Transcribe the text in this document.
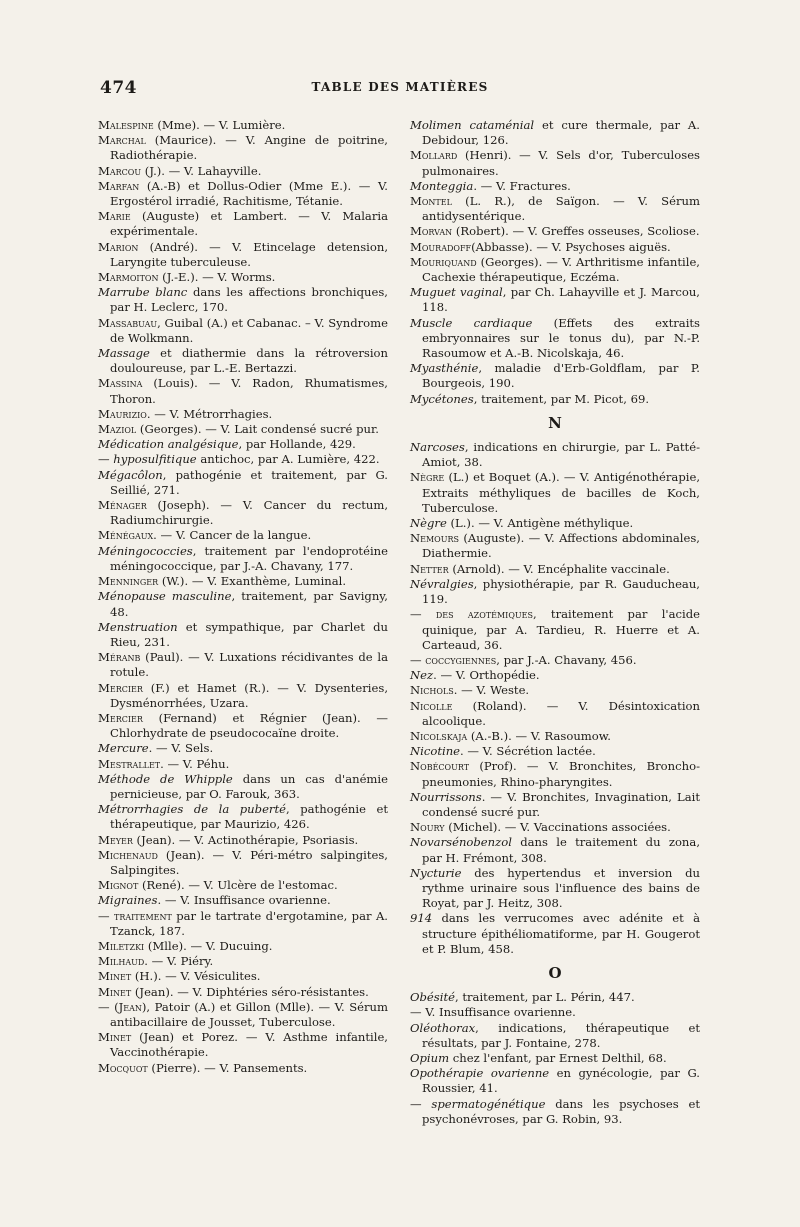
474	TABLE DES MATIÈRES

Malespine (Mme). — V. Lumière.

Marchal (Maurice). — V. Angine de poitrine, Radiothérapie.

Marcou (J.). — V. Lahayville.

Marfan (A.-B) et Dollus-Odier (Mme E.). — V. Ergostérol irradié, Rachitisme, Tétanie.

Marie (Auguste) et Lambert. — V. Malaria expérimentale.

Marion (André). — V. Etincelage detension, Laryngite tuberculeuse.

Marmoiton (J.-E.). — V. Worms.

Marrube blanc dans les affections bronchiques, par H. Leclerc, 170.

Massabuau, Guibal (A.) et Cabanac. – V. Syndrome de Wolkmann.

Massage et diathermie dans la rétroversion douloureuse, par L.-E. Bertazzi.

Massina (Louis). — V. Radon, Rhumatismes, Thoron.

Maurizio. — V. Métrorrhagies.

Maziol (Georges). — V. Lait condensé sucré pur.

Médication analgésique, par Hollande, 429.

— hyposulfitique antichoc, par A. Lumière, 422.

Mégacôlon, pathogénie et traitement, par G. Seillié, 271.

Ménager (Joseph). — V. Cancer du rectum, Radiumchirurgie.

Ménégaux. — V. Cancer de la langue.

Méningococcies, traitement par l'endoprotéine méningococcique, par J.-A. Chavany, 177.

Menninger (W.). — V. Exanthème, Luminal.

Ménopause masculine, traitement, par Savigny, 48.

Menstruation et sympathique, par Charlet du Rieu, 231.

Méranb (Paul). — V. Luxations récidivantes de la rotule.

Mercier (F.) et Hamet (R.). — V. Dysenteries, Dysménorrhées, Uzara.

Mercier (Fernand) et Régnier (Jean). — Chlorhydrate de pseudococaïne droite.

Mercure. — V. Sels.

Mestrallet. — V. Péhu.

Méthode de Whipple dans un cas d'anémie pernicieuse, par O. Farouk, 363.

Métrorrhagies de la puberté, pathogénie et thérapeutique, par Maurizio, 426.

Meyer (Jean). — V. Actinothérapie, Psoriasis.

Michenaud (Jean). — V. Péri-métro salpingites, Salpingites.

Mignot (René). — V. Ulcère de l'estomac.

Migraines. — V. Insuffisance ovarienne.

— traitement par le tartrate d'ergotamine, par A. Tzanck, 187.

Miletzki (Mlle). — V. Ducuing.

Milhaud. — V. Piéry.

Minet (H.). — V. Vésiculites.

Minet (Jean). — V. Diphtéries séro-résistantes.

— (Jean), Patoir (A.) et Gillon (Mlle). — V. Sérum antibacillaire de Jousset, Tuberculose.

Minet (Jean) et Porez. — V. Asthme infantile, Vaccinothérapie.

Mocquot (Pierre). — V. Pansements.

Molimen cataménial et cure thermale, par A. Debidour, 126.

Mollard (Henri). — V. Sels d'or, Tuberculoses pulmonaires.

Monteggia. — V. Fractures.

Montel (L. R.), de Saïgon. — V. Sérum antidysentérique.

Morvan (Robert). — V. Greffes osseuses, Scoliose.

Mouradoff(Abbasse). — V. Psychoses aiguës.

Mouriquand (Georges). — V. Arthritisme infantile, Cachexie thérapeutique, Eczéma.

Muguet vaginal, par Ch. Lahayville et J. Marcou, 118.

Muscle cardiaque (Effets des extraits embryonnaires sur le tonus du), par N.-P. Rasoumow et A.-B. Nicolskaja, 46.

Myasthénie, maladie d'Erb-Goldflam, par P. Bourgeois, 190.

Mycétones, traitement, par M. Picot, 69.

N

Narcoses, indications en chirurgie, par L. Patté-Amiot, 38.

Nègre (L.) et Boquet (A.). — V. Antigénothérapie, Extraits méthyliques de bacilles de Koch, Tuberculose.

Nègre (L.). — V. Antigène méthylique.

Nemours (Auguste). — V. Affections abdominales, Diathermie.

Netter (Arnold). — V. Encéphalite vaccinale.

Névralgies, physiothérapie, par R. Gauducheau, 119.

— des azotémiques, traitement par l'acide quinique, par A. Tardieu, R. Huerre et A. Carteaud, 36.

— coccygiennes, par J.-A. Chavany, 456.

Nez. — V. Orthopédie.

Nichols. — V. Weste.

Nicolle (Roland). — V. Désintoxication alcoolique.

Nicolskaja (A.-B.). — V. Rasoumow.

Nicotine. — V. Sécrétion lactée.

Nobécourt (Prof). — V. Bronchites, Broncho-pneumonies, Rhino-pharyngites.

Nourrissons. — V. Bronchites, Invagination, Lait condensé sucré pur.

Noury (Michel). — V. Vaccinations associées.

Novarsénobenzol dans le traitement du zona, par H. Frémont, 308.

Nycturie des hypertendus et inversion du rythme urinaire sous l'influence des bains de Royat, par J. Heitz, 308.

914 dans les verrucomes avec adénite et à structure épithéliomatiforme, par H. Gougerot et P. Blum, 458.

O

Obésité, traitement, par L. Périn, 447.

— V. Insuffisance ovarienne.

Oléothorax, indications, thérapeutique et résultats, par J. Fontaine, 278.

Opium chez l'enfant, par Ernest Delthil, 68.

Opothérapie ovarienne en gynécologie, par G. Roussier, 41.

— spermatogénétique dans les psychoses et psychonévroses, par G. Robin, 93.
